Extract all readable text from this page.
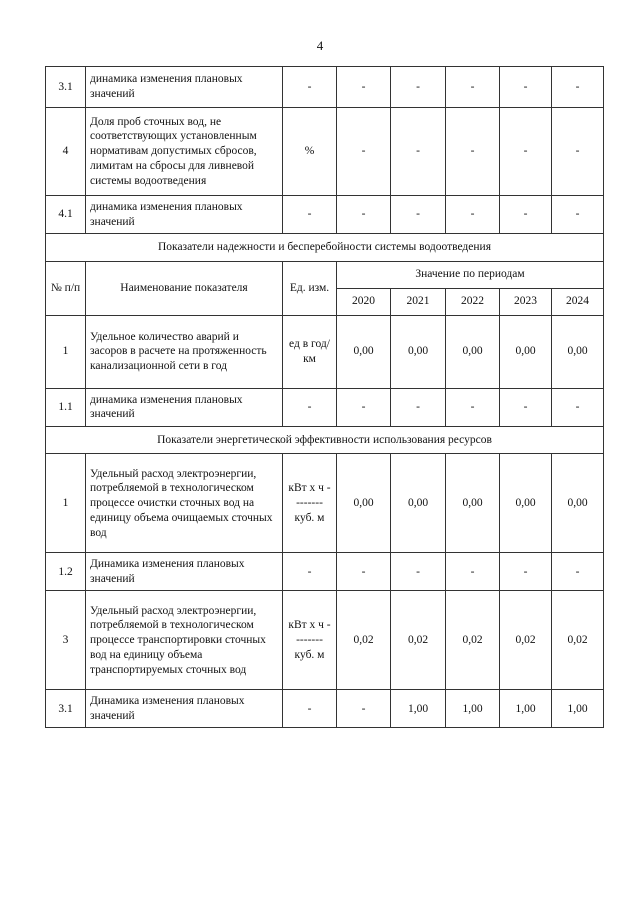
4
3.1	динамика изменения плановых значений	-	-	-	-	-	-
4	Доля проб сточных вод, не соответствующих установленным нормативам допустимых сбросов, лимитам на сбросы для ливневой системы водоотведения	%	-	-	-	-	-
4.1	динамика изменения плановых значений	-	-	-	-	-	-
Показатели надежности и бесперебойности системы водоотведения							
№ п/п	Наименование показателя	Ед. изм.	Значение по периодам				
			2020	2021	2022	2023	2024
1	Удельное количество аварий и засоров в расчете на протяженность канализационной сети в год	ед в год/ км	0,00	0,00	0,00	0,00	0,00
1.1	динамика изменения плановых значений	-	-	-	-	-	-
Показатели энергетической эффективности использования ресурсов							
1	Удельный расход электроэнергии, потребляемой в технологическом процессе очистки сточных вод на единицу объема очищаемых сточных вод	кВт х ч -------- куб. м	0,00	0,00	0,00	0,00	0,00
1.2	Динамика изменения плановых значений	-	-	-	-	-	-
3	Удельный расход электроэнергии, потребляемой в технологическом процессе транспортировки сточных вод на единицу объема транспортируемых сточных вод	кВт х ч -------- куб. м	0,02	0,02	0,02	0,02	0,02
3.1	Динамика изменения плановых значений	-	-	1,00	1,00	1,00	1,00
